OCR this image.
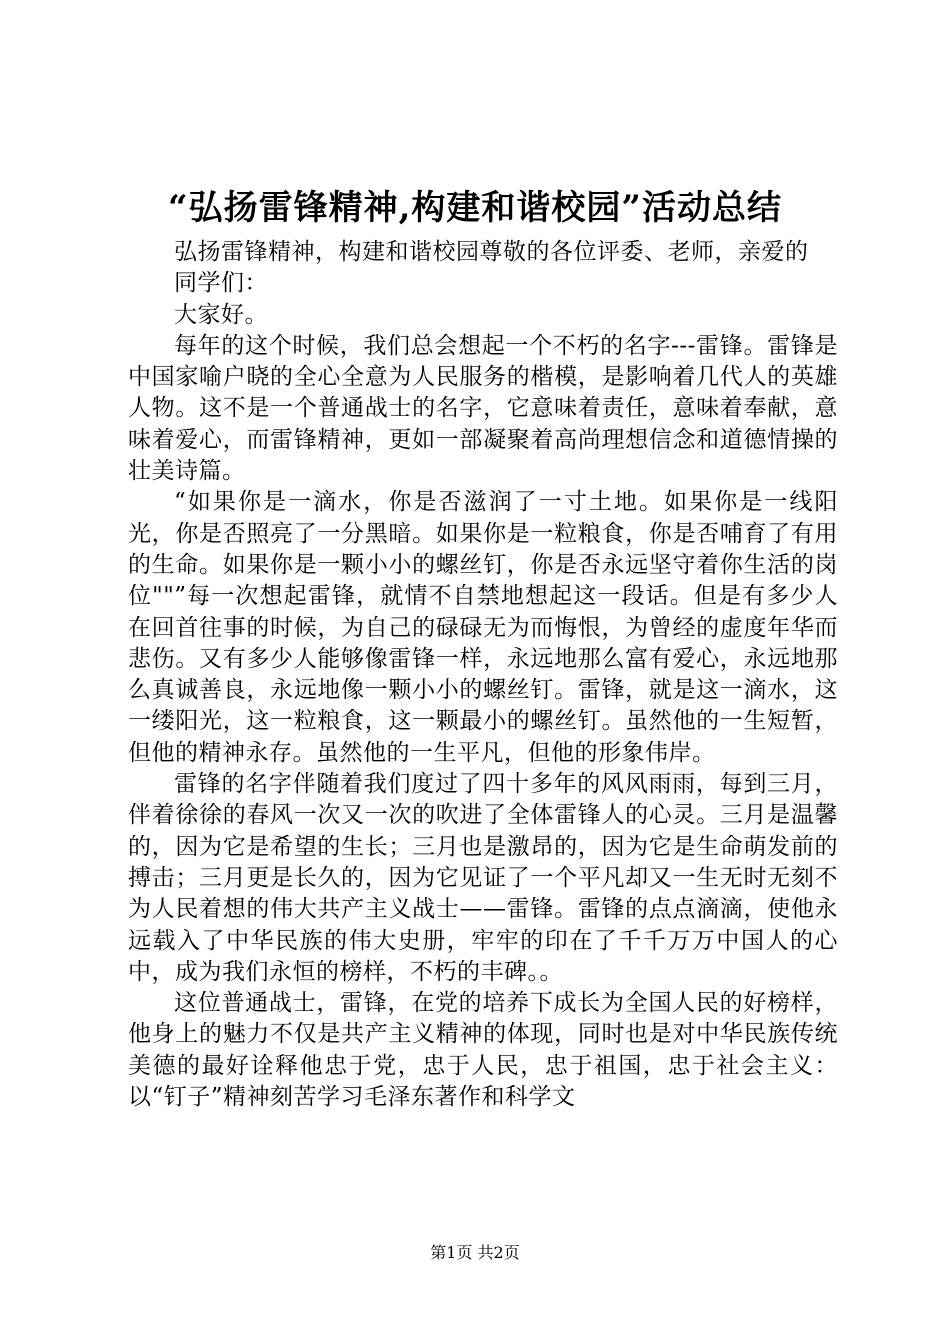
“弘扬雷锋精神,构建和谐校园”活动总结

弘扬雷锋精神，构建和谐校园尊敬的各位评委、老师，亲爱的

同学们：

大家好。

每年的这个时候，我们总会想起一个不朽的名字---雷锋。雷锋是中国家喻户晓的全心全意为人民服务的楷模，是影响着几代人的英雄人物。这不是一个普通战士的名字，它意味着责任，意味着奉献，意味着爱心，而雷锋精神，更如一部凝聚着高尚理想信念和道德情操的壮美诗篇。

“如果你是一滴水，你是否滋润了一寸土地。如果你是一线阳光，你是否照亮了一分黑暗。如果你是一粒粮食，你是否哺育了有用的生命。如果你是一颗小小的螺丝钉，你是否永远坚守着你生活的岗位""”每一次想起雷锋，就情不自禁地想起这一段话。但是有多少人在回首往事的时候，为自己的碌碌无为而悔恨，为曾经的虚度年华而悲伤。又有多少人能够像雷锋一样，永远地那么富有爱心，永远地那么真诚善良，永远地像一颗小小的螺丝钉。雷锋，就是这一滴水，这一缕阳光，这一粒粮食，这一颗最小的螺丝钉。虽然他的一生短暂，但他的精神永存。虽然他的一生平凡，但他的形象伟岸。

雷锋的名字伴随着我们度过了四十多年的风风雨雨，每到三月，伴着徐徐的春风一次又一次的吹进了全体雷锋人的心灵。三月是温馨的，因为它是希望的生长；三月也是激昂的，因为它是生命萌发前的搏击；三月更是长久的，因为它见证了一个平凡却又一生无时无刻不为人民着想的伟大共产主义战士——雷锋。雷锋的点点滴滴，使他永远载入了中华民族的伟大史册，牢牢的印在了千千万万中国人的心中，成为我们永恒的榜样，不朽的丰碑。。

这位普通战士，雷锋，在党的培养下成长为全国人民的好榜样，他身上的魅力不仅是共产主义精神的体现，同时也是对中华民族传统美德的最好诠释他忠于党，忠于人民，忠于祖国，忠于社会主义：以“钉子”精神刻苦学习毛泽东著作和科学文

第1页 共2页
